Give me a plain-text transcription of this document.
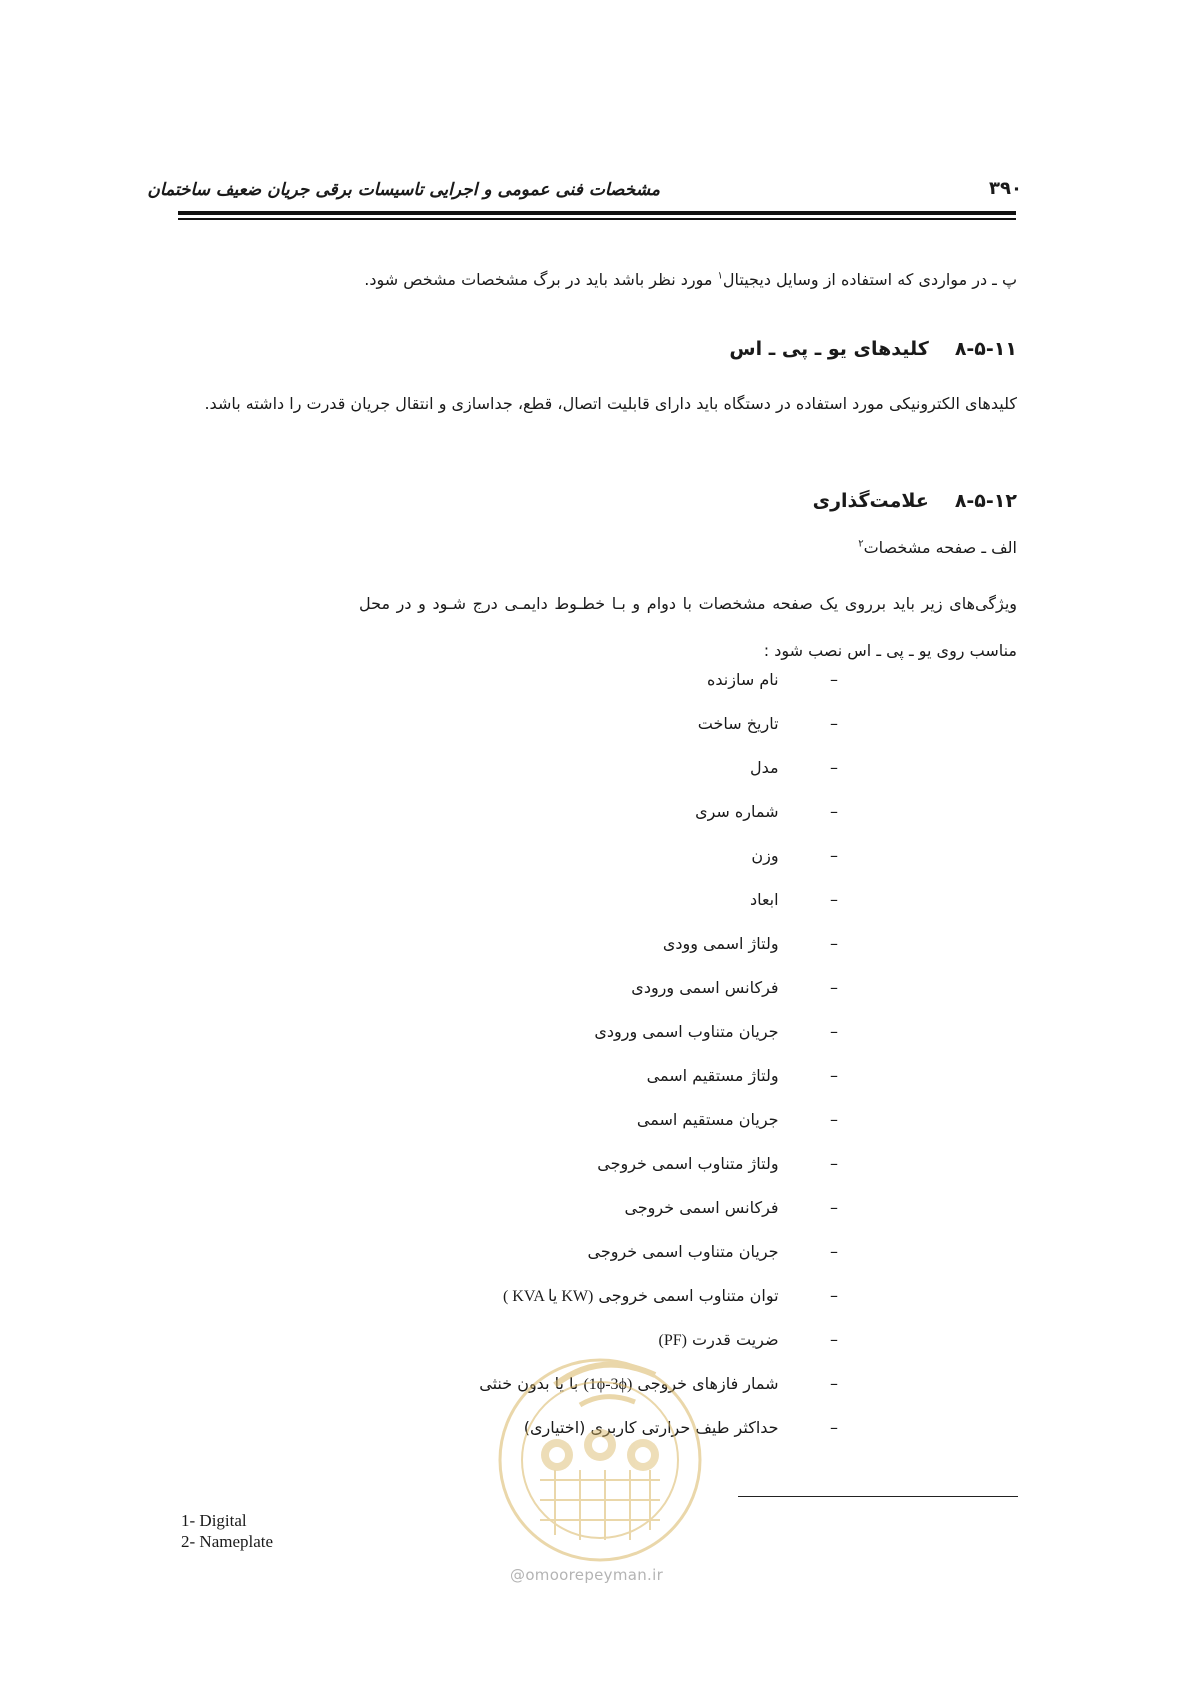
مشخصات فنی عمومی و اجرایی تاسیسات برقی جریان ضعیف ساختمان	۳۹۰
پ ـ در مواردی که استفاده از وسایل دیجیتال$^۱$ مورد نظر باشد باید در برگ مشخصات مشخص شود.
۸-۵-۱۱کلیدهای یو ـ پی ـ اس
کلیدهای الکترونیکی مورد استفاده در دستگاه باید دارای قابلیت اتصال، قطع، جداسازی و انتقال جریان قدرت را داشته باشد.
۸-۵-۱۲علامت‌گذاری
الف ـ صفحه مشخصات$^۲$
ویژگی‌های زیر باید برروی یک صفحه مشخصات با دوام و بـا خطـوط دایمـی درج شـود و در محل مناسب روی یو ـ پی ـ اس نصب شود :
–     نام سازنده
–     تاریخ ساخت
–     مدل
–     شماره سری
–     وزن
–     ابعاد
–     ولتاژ اسمی وودی
–     فرکانس اسمی ورودی
–     جریان متناوب اسمی ورودی
–     ولتاژ مستقیم اسمی
–     جریان مستقیم اسمی
–     ولتاژ متناوب اسمی خروجی
–     فرکانس اسمی خروجی
–     جریان متناوب اسمی خروجی
–     توان متناوب اسمی خروجی ( KVA یا KW)
–     ضریت قدرت (PF)
–     شمار فازهای خروجی (1ϕ-3ϕ) با یا بدون خنثی
–     حداکثر طیف حرارتی کاربری (اختیاری)
1- Digital
2- Nameplate
@omoorepeyman.ir
